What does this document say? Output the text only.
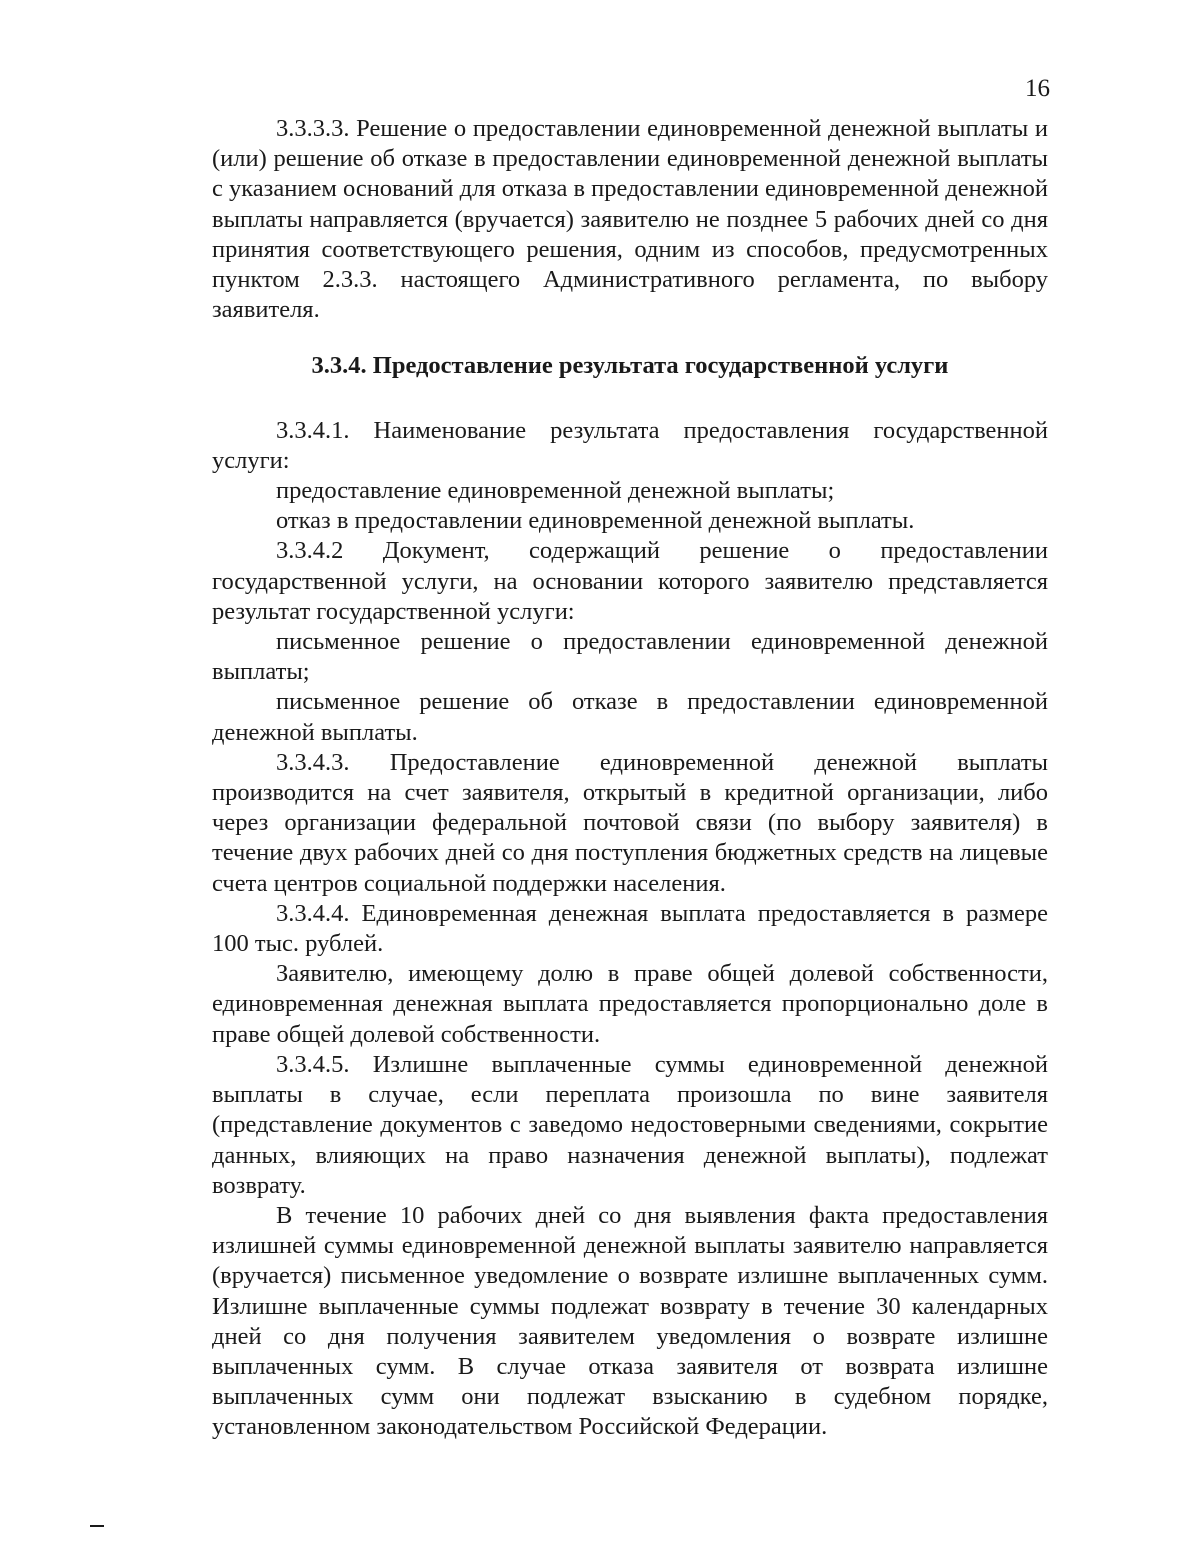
16

3.3.3.3. Решение о предоставлении единовременной денежной выплаты и (или) решение об отказе в предоставлении единовременной денежной выплаты с указанием оснований для отказа в предоставлении единовременной денежной выплаты направляется (вручается) заявителю не позднее 5 рабочих дней со дня принятия соответствующего решения, одним из способов, предусмотренных пунктом 2.3.3. настоящего Административного регламента, по выбору заявителя.

3.3.4. Предоставление результата государственной услуги

3.3.4.1. Наименование результата предоставления государственной услуги:

предоставление единовременной денежной выплаты;

отказ в предоставлении единовременной денежной выплаты.

3.3.4.2 Документ, содержащий решение о предоставлении государственной услуги, на основании которого заявителю представляется результат государственной услуги:

письменное решение о предоставлении единовременной денежной выплаты;

письменное решение об отказе в предоставлении единовременной денежной выплаты.

3.3.4.3. Предоставление единовременной денежной выплаты производится на счет заявителя, открытый в кредитной организации, либо через организации федеральной почтовой связи (по выбору заявителя) в течение двух рабочих дней со дня поступления бюджетных средств на лицевые счета центров социальной поддержки населения.

3.3.4.4. Единовременная денежная выплата предоставляется в размере 100 тыс. рублей.

Заявителю, имеющему долю в праве общей долевой собственности, единовременная денежная выплата предоставляется пропорционально доле в праве общей долевой собственности.

3.3.4.5. Излишне выплаченные суммы единовременной денежной выплаты в случае, если переплата произошла по вине заявителя (представление документов с заведомо недостоверными сведениями, сокрытие данных, влияющих на право назначения денежной выплаты), подлежат возврату.

В течение 10 рабочих дней со дня выявления факта предоставления излишней суммы единовременной денежной выплаты заявителю направляется (вручается) письменное уведомление о возврате излишне выплаченных сумм. Излишне выплаченные суммы подлежат возврату в течение 30 календарных дней со дня получения заявителем уведомления о возврате излишне выплаченных сумм. В случае отказа заявителя от возврата излишне выплаченных сумм они подлежат взысканию в судебном порядке, установленном законодательством Российской Федерации.
